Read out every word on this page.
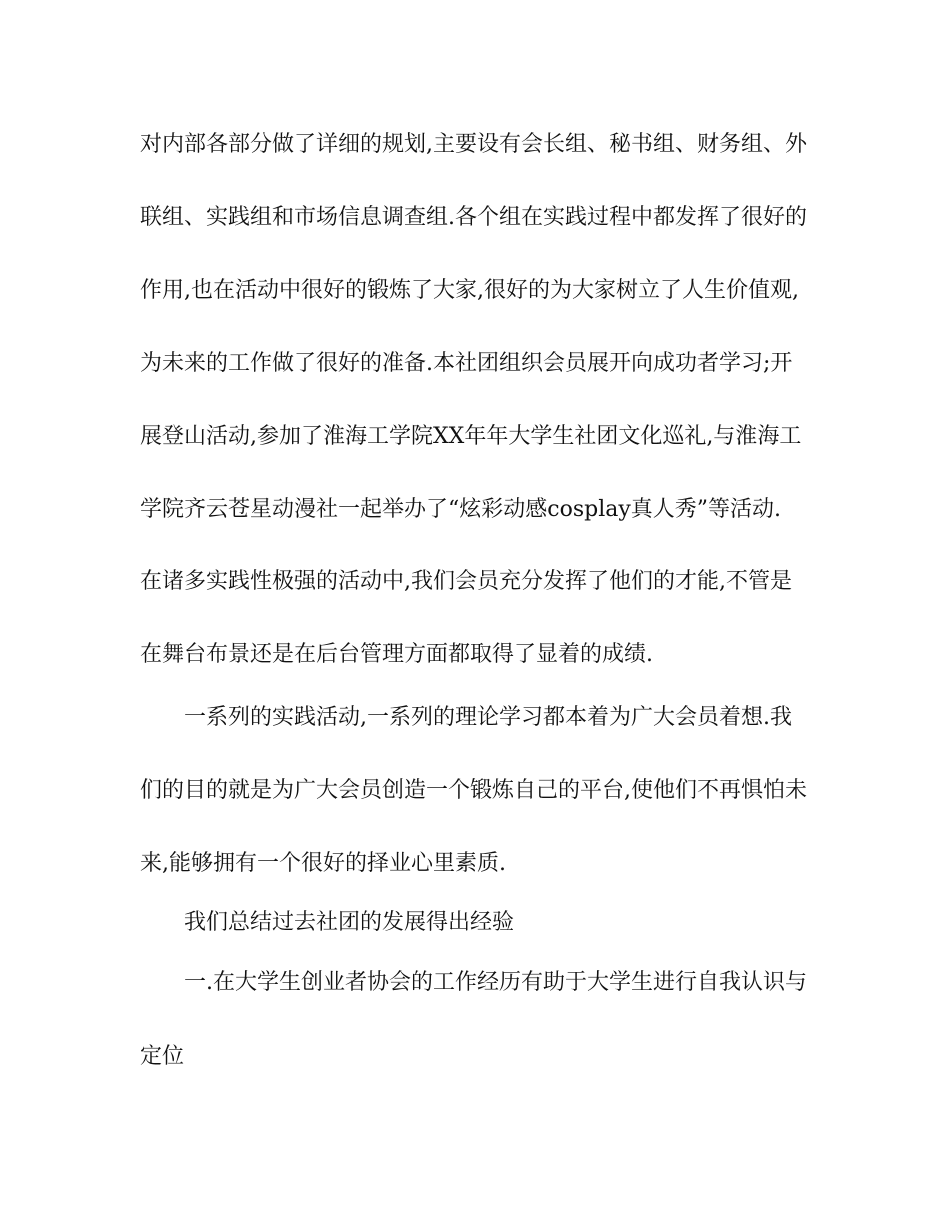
对内部各部分做了详细的规划,主要设有会长组、秘书组、财务组、外
联组、实践组和市场信息调查组.各个组在实践过程中都发挥了很好的
作用,也在活动中很好的锻炼了大家,很好的为大家树立了人生价值观,
为未来的工作做了很好的准备.本社团组织会员展开向成功者学习;开
展登山活动,参加了淮海工学院XX年年大学生社团文化巡礼,与淮海工
学院齐云苍星动漫社一起举办了“炫彩动感cosplay真人秀”等活动.
在诸多实践性极强的活动中,我们会员充分发挥了他们的才能,不管是
在舞台布景还是在后台管理方面都取得了显着的成绩.
一系列的实践活动,一系列的理论学习都本着为广大会员着想.我
们的目的就是为广大会员创造一个锻炼自己的平台,使他们不再惧怕未
来,能够拥有一个很好的择业心里素质.
我们总结过去社团的发展得出经验
一.在大学生创业者协会的工作经历有助于大学生进行自我认识与
定位
